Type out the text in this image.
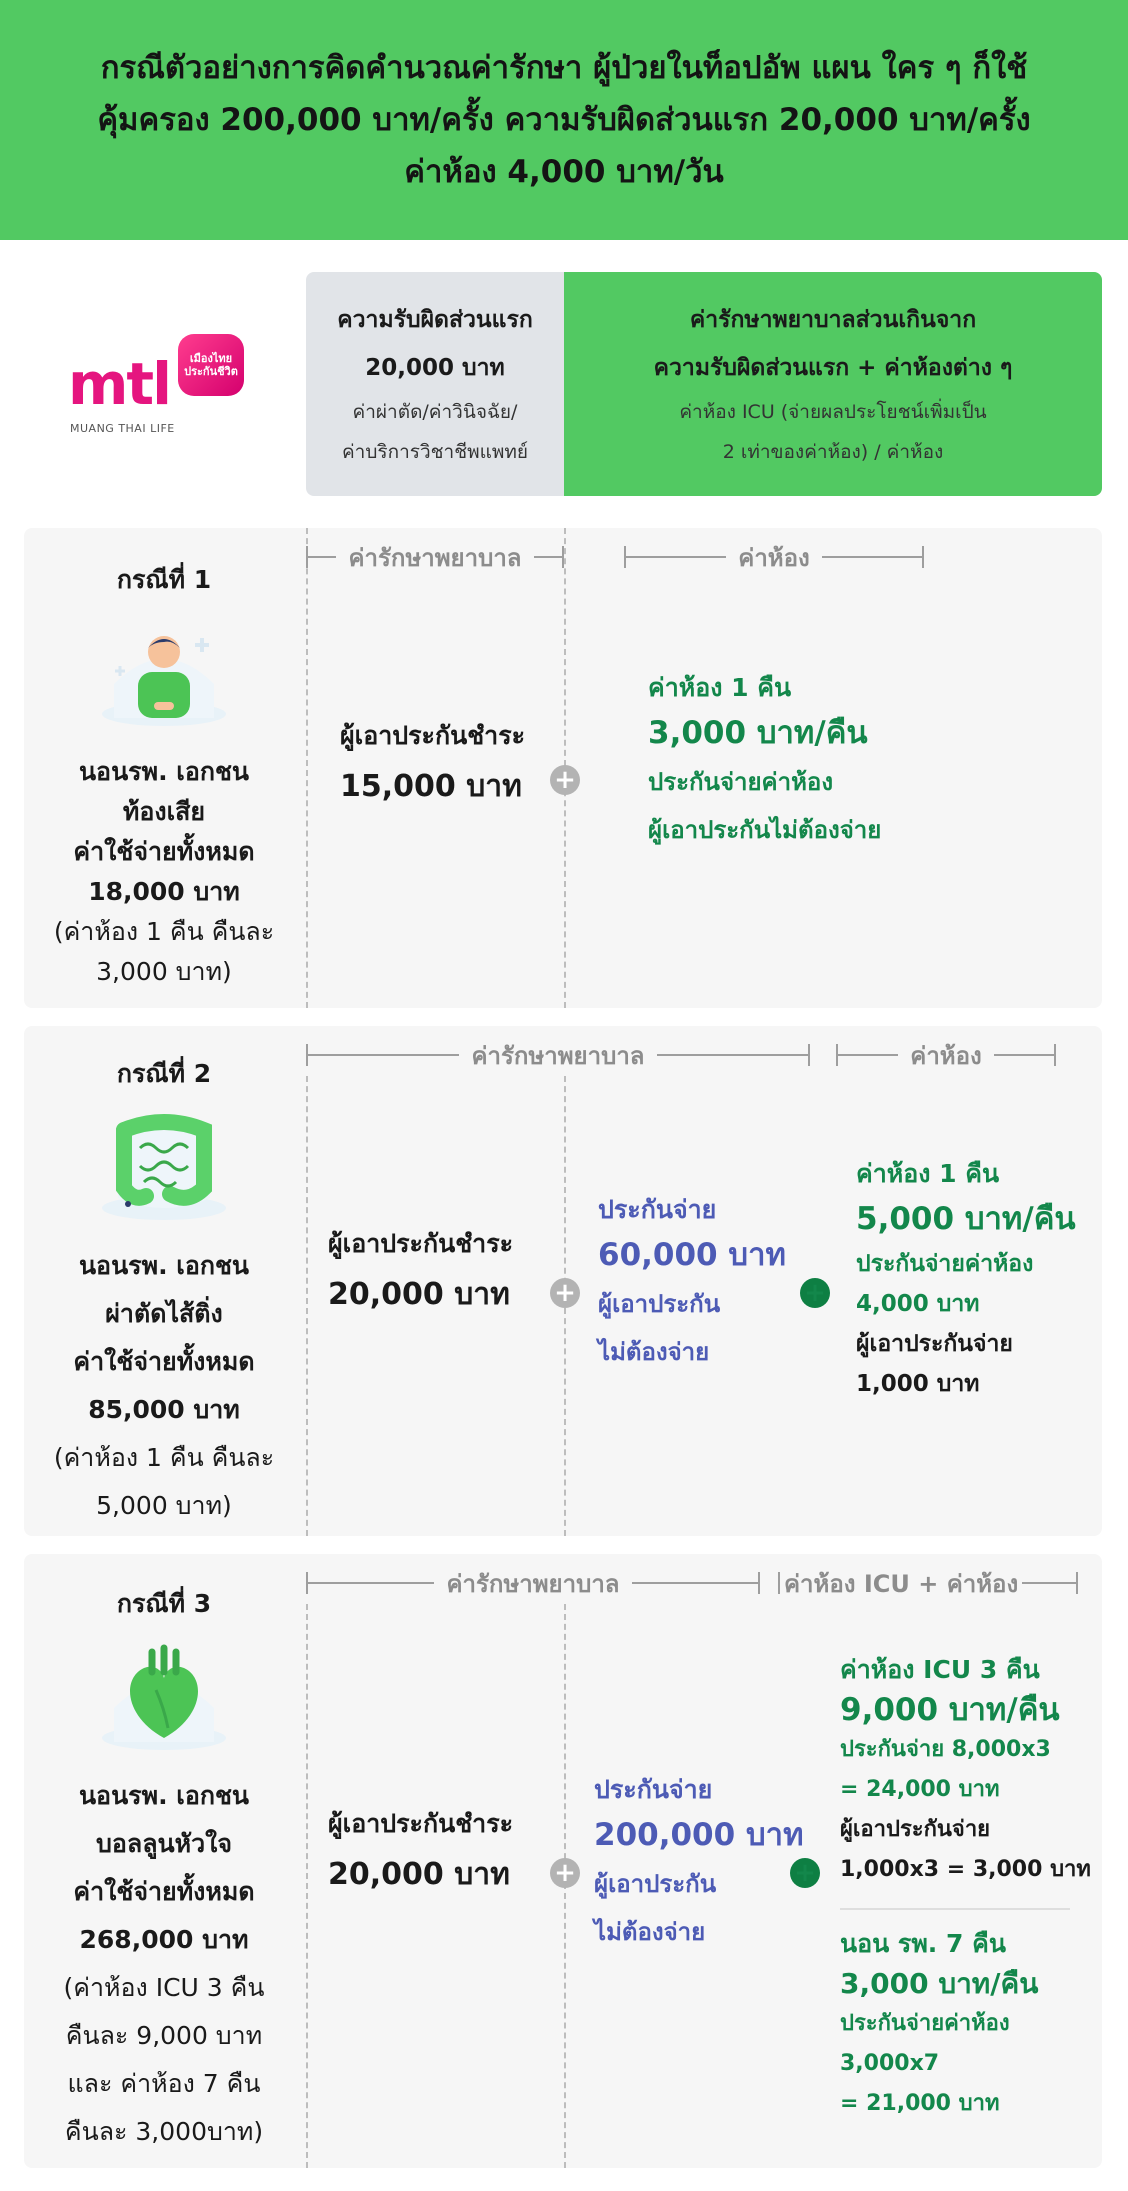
กรณีตัวอย่างการคิดคำนวณค่ารักษา ผู้ป่วยในท็อปอัพ แผน ใคร ๆ ก็ใช้
คุ้มครอง 200,000 บาท/ครั้ง ความรับผิดส่วนแรก 20,000 บาท/ครั้ง
ค่าห้อง 4,000 บาท/วัน
mtl	เมืองไทย ประกันชีวิต
MUANG THAI LIFE
ความรับผิดส่วนแรก
20,000 บาท
ค่าผ่าตัด/ค่าวินิจฉัย/
ค่าบริการวิชาชีพแพทย์
ค่ารักษาพยาบาลส่วนเกินจาก
ความรับผิดส่วนแรก + ค่าห้องต่าง ๆ
ค่าห้อง ICU (จ่ายผลประโยชน์เพิ่มเป็น
2 เท่าของค่าห้อง) / ค่าห้อง
ค่ารักษาพยาบาล	ค่าห้อง
กรณีที่ 1
นอนรพ. เอกชน
ท้องเสีย
ค่าใช้จ่ายทั้งหมด
18,000 บาท
(ค่าห้อง 1 คืน คืนละ
3,000 บาท)
ผู้เอาประกันชำระ
15,000 บาท +
ค่าห้อง 1 คืน
3,000 บาท/คืน
ประกันจ่ายค่าห้อง
ผู้เอาประกันไม่ต้องจ่าย
ค่ารักษาพยาบาล	ค่าห้อง
กรณีที่ 2
นอนรพ. เอกชน
ผ่าตัดไส้ติ่ง
ค่าใช้จ่ายทั้งหมด
85,000 บาท
(ค่าห้อง 1 คืน คืนละ
5,000 บาท)
ผู้เอาประกันชำระ
20,000 บาท +
ประกันจ่าย
60,000 บาท
ผู้เอาประกัน
ไม่ต้องจ่าย
+
ค่าห้อง 1 คืน
5,000 บาท/คืน
ประกันจ่ายค่าห้อง
4,000 บาท
ผู้เอาประกันจ่าย
1,000 บาท
ค่ารักษาพยาบาล	ค่าห้อง ICU + ค่าห้อง
กรณีที่ 3
นอนรพ. เอกชน
บอลลูนหัวใจ
ค่าใช้จ่ายทั้งหมด
268,000 บาท
(ค่าห้อง ICU 3 คืน
คืนละ 9,000 บาท
และ ค่าห้อง 7 คืน
คืนละ 3,000บาท)
ผู้เอาประกันชำระ
20,000 บาท +
ประกันจ่าย
200,000 บาท
ผู้เอาประกัน
ไม่ต้องจ่าย
+
ค่าห้อง ICU 3 คืน
9,000 บาท/คืน
ประกันจ่าย 8,000x3
= 24,000 บาท
ผู้เอาประกันจ่าย
1,000x3 = 3,000 บาท
นอน รพ. 7 คืน
3,000 บาท/คืน
ประกันจ่ายค่าห้อง
3,000x7
= 21,000 บาท
